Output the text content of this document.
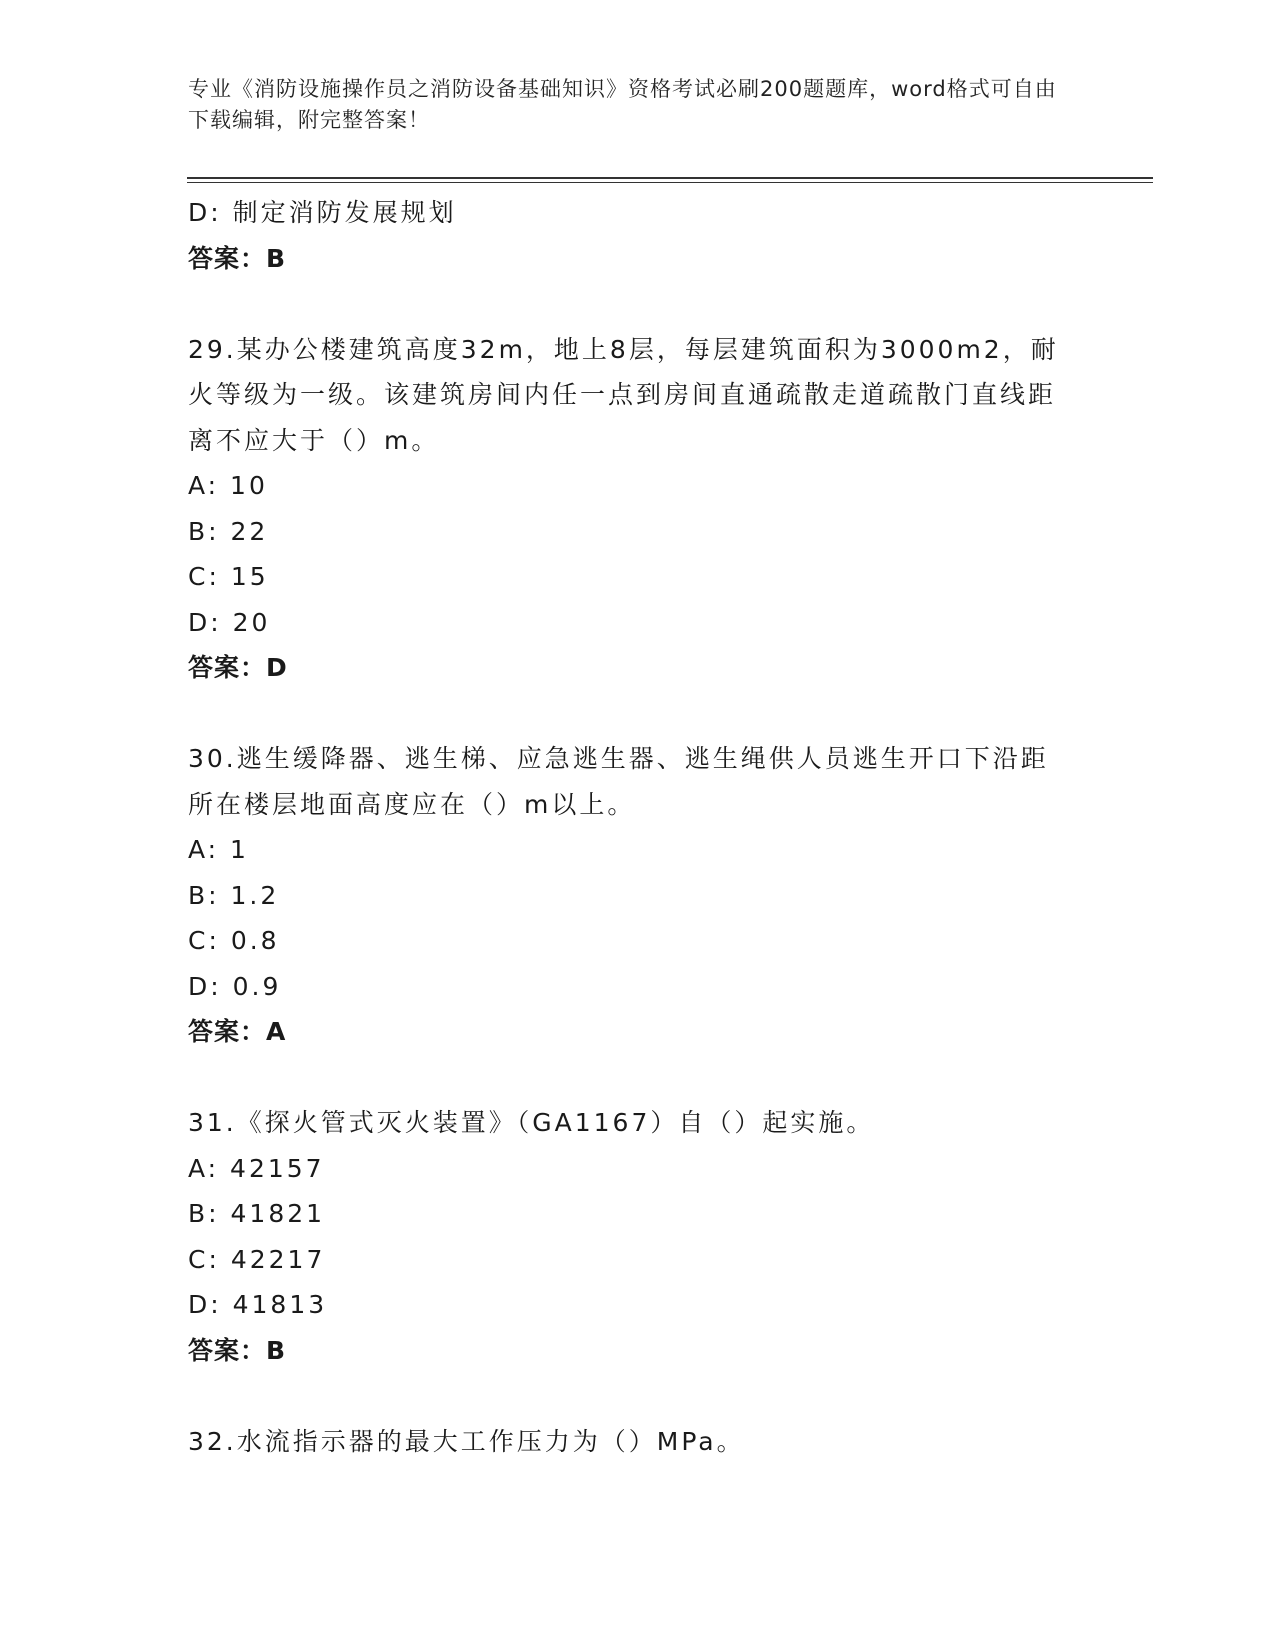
专业《消防设施操作员之消防设备基础知识》资格考试必刷200题题库，word格式可自由下载编辑，附完整答案！

D: 制定消防发展规划

答案：B

29.某办公楼建筑高度32m，地上8层，每层建筑面积为3000m2，耐火等级为一级。该建筑房间内任一点到房间直通疏散走道疏散门直线距离不应大于（）m。

A: 10

B: 22

C: 15

D: 20

答案：D

30.逃生缓降器、逃生梯、应急逃生器、逃生绳供人员逃生开口下沿距所在楼层地面高度应在（）m以上。

A: 1

B: 1.2

C: 0.8

D: 0.9

答案：A

31.《探火管式灭火装置》（GA1167）自（）起实施。

A: 42157

B: 41821

C: 42217

D: 41813

答案：B

32.水流指示器的最大工作压力为（）MPa。
